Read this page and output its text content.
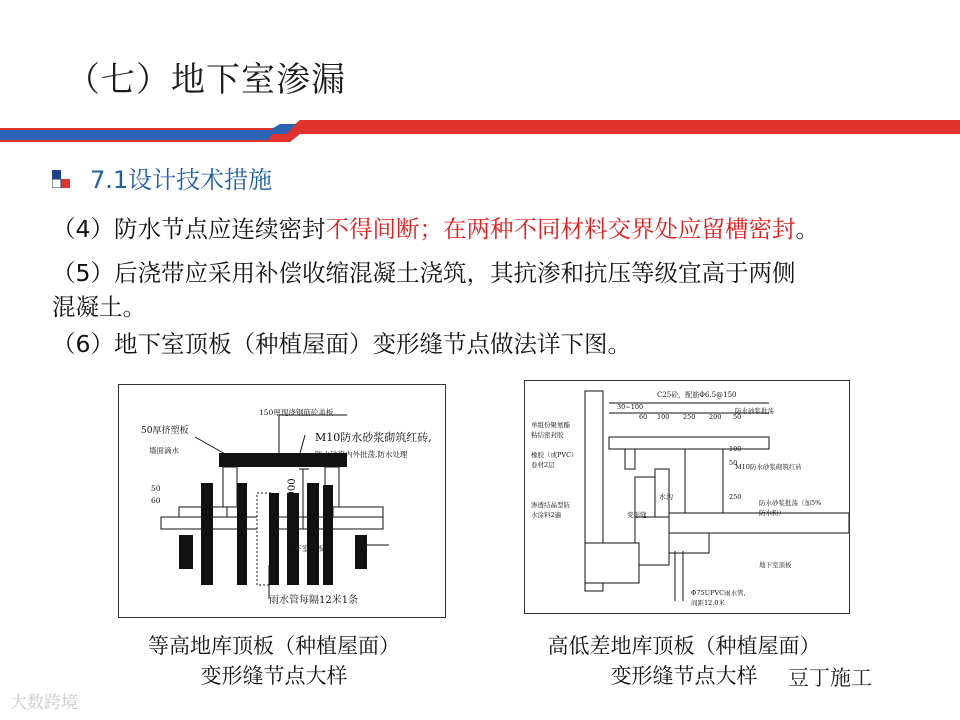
（七）地下室渗漏
7.1设计技术措施
（4）防水节点应连续密封不得间断；在两种不同材料交界处应留槽密封。
（5）后浇带应采用补偿收缩混凝土浇筑，其抗渗和抗压等级宜高于两侧
混凝土。
（6）地下室顶板（种植屋面）变形缝节点做法详下图。
150厚现浇钢筋砼盖板
M10防水砂浆砌筑红砖,
防水砂浆内外批荡,防水处理
50厚挤塑板
墙面滴水
50
60	300~900
地下室顶板
雨水管每隔12米1条
C25砼，配筋Φ6.5@150
30~100
60 100 250 200 50
防水砂浆批荡
单组份聚氨酯
粘结密封胶
橡胶（或PVC）
卷材2层
100
50
M10防水砂浆砌筑红砖
水沟	250
变形缝
渗透结晶型防
水涂料2遍
防水砂浆批荡（加5%
防水粉）
地下室顶板
Φ75UPVC雨水管,
间距12.0米
等高地库顶板（种植屋面）
变形缝节点大样
高低差地库顶板（种植屋面）
变形缝节点大样
大数跨境
豆丁施工
